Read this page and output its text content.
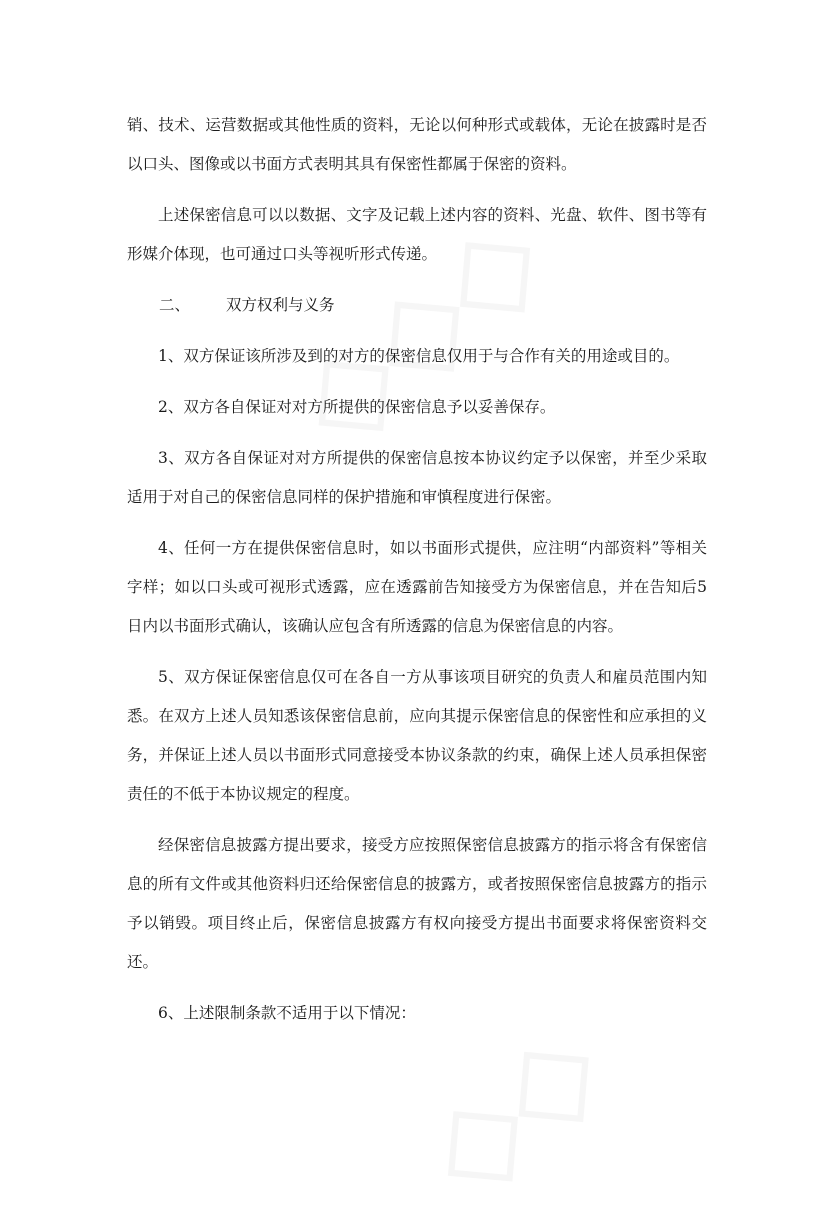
销、技术、运营数据或其他性质的资料，无论以何种形式或载体，无论在披露时是否以口头、图像或以书面方式表明其具有保密性都属于保密的资料。

上述保密信息可以以数据、文字及记载上述内容的资料、光盘、软件、图书等有形媒介体现，也可通过口头等视听形式传递。

二、 双方权利与义务

1、双方保证该所涉及到的对方的保密信息仅用于与合作有关的用途或目的。

2、双方各自保证对对方所提供的保密信息予以妥善保存。

3、双方各自保证对对方所提供的保密信息按本协议约定予以保密，并至少采取适用于对自己的保密信息同样的保护措施和审慎程度进行保密。

4、任何一方在提供保密信息时，如以书面形式提供，应注明“内部资料”等相关字样；如以口头或可视形式透露，应在透露前告知接受方为保密信息，并在告知后5日内以书面形式确认，该确认应包含有所透露的信息为保密信息的内容。

5、双方保证保密信息仅可在各自一方从事该项目研究的负责人和雇员范围内知悉。在双方上述人员知悉该保密信息前，应向其提示保密信息的保密性和应承担的义务，并保证上述人员以书面形式同意接受本协议条款的约束，确保上述人员承担保密责任的不低于本协议规定的程度。

经保密信息披露方提出要求，接受方应按照保密信息披露方的指示将含有保密信息的所有文件或其他资料归还给保密信息的披露方，或者按照保密信息披露方的指示予以销毁。项目终止后，保密信息披露方有权向接受方提出书面要求将保密资料交还。

6、上述限制条款不适用于以下情况：
